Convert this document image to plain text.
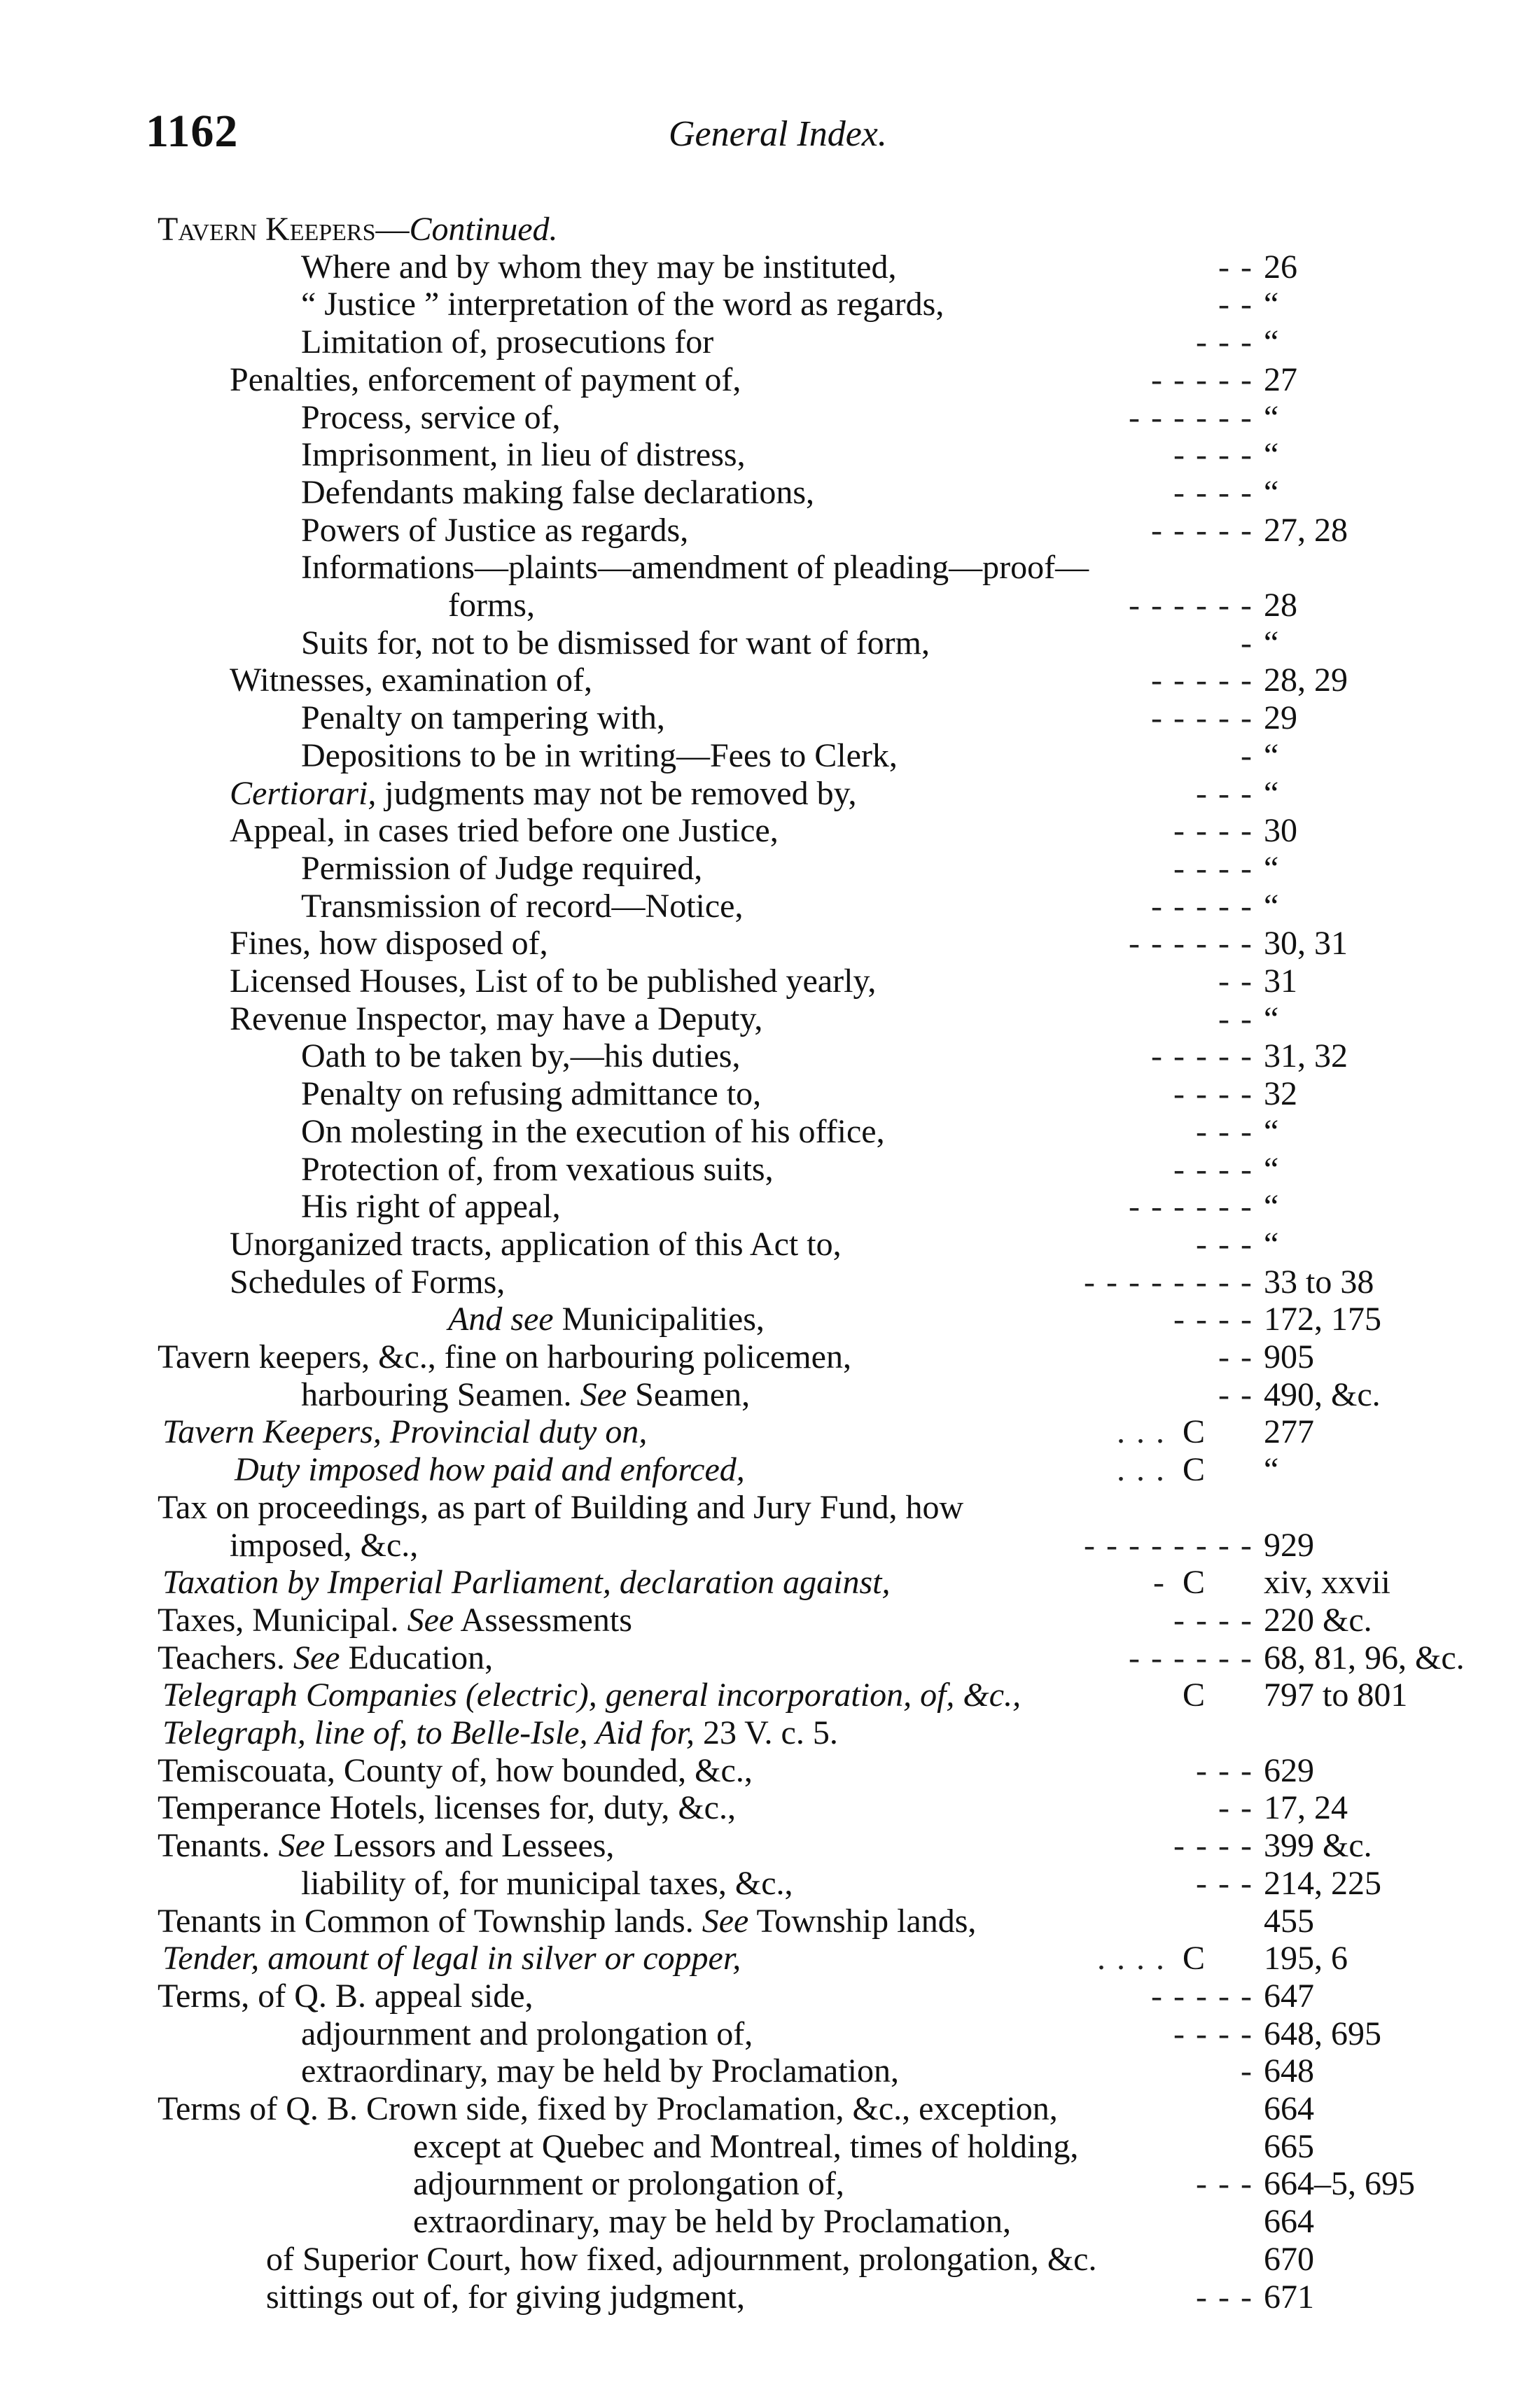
1162	General Index.
Tavern Keepers—Continued.
Where and by whom they may be instituted,	- - 26
“ Justice ” interpretation of the word as regards,	- - “
Limitation of, prosecutions for	- - - “
Penalties, enforcement of payment of,	- - - - - 27
Process, service of,	- - - - - - “
Imprisonment, in lieu of distress,	- - - - “
Defendants making false declarations,	- - - - “
Powers of Justice as regards,	- - - - - 27, 28
Informations—plaints—amendment of pleading—proof—
forms,	- - - - - - 28
Suits for, not to be dismissed for want of form,	- “
Witnesses, examination of,	- - - - - 28, 29
Penalty on tampering with,	- - - - - 29
Depositions to be in writing—Fees to Clerk,	- “
Certiorari, judgments may not be removed by,	- - - “
Appeal, in cases tried before one Justice,	- - - - 30
Permission of Judge required,	- - - - “
Transmission of record—Notice,	- - - - - “
Fines, how disposed of,	- - - - - - 30, 31
Licensed Houses, List of to be published yearly,	- - 31
Revenue Inspector, may have a Deputy,	- - “
Oath to be taken by,—his duties,	- - - - - 31, 32
Penalty on refusing admittance to,	- - - - 32
On molesting in the execution of his office,	- - - “
Protection of, from vexatious suits,	- - - - “
His right of appeal,	- - - - - - “
Unorganized tracts, application of this Act to,	- - - “
Schedules of Forms,	- - - - - - - - 33 to 38
And see Municipalities,	- - - - 172, 175
Tavern keepers, &c., fine on harbouring policemen,	- - 905
harbouring Seamen. See Seamen,	- - 490, &c.
Tavern Keepers, Provincial duty on,	. . . C 277
Duty imposed how paid and enforced,	. . . C “
Tax on proceedings, as part of Building and Jury Fund, how
imposed, &c.,	- - - - - - - - 929
Taxation by Imperial Parliament, declaration against,	- C xiv, xxvii
Taxes, Municipal. See Assessments	- - - - 220 &c.
Teachers. See Education,	- - - - - - 68, 81, 96, &c.
Telegraph Companies (electric), general incorporation, of, &c.,	C 797 to 801
Telegraph, line of, to Belle-Isle, Aid for, 23 V. c. 5.
Temiscouata, County of, how bounded, &c.,	- - - 629
Temperance Hotels, licenses for, duty, &c.,	- - 17, 24
Tenants. See Lessors and Lessees,	- - - - 399 &c.
liability of, for municipal taxes, &c.,	- - - 214, 225
Tenants in Common of Township lands. See Township lands,	455
Tender, amount of legal in silver or copper,	. . . . C 195, 6
Terms, of Q. B. appeal side,	- - - - - 647
adjournment and prolongation of,	- - - - 648, 695
extraordinary, may be held by Proclamation,	- 648
Terms of Q. B. Crown side, fixed by Proclamation, &c., exception,	664
except at Quebec and Montreal, times of holding,	665
adjournment or prolongation of,	- - - 664–5, 695
extraordinary, may be held by Proclamation,	664
of Superior Court, how fixed, adjournment, prolongation, &c.	670
sittings out of, for giving judgment,	- - - 671
